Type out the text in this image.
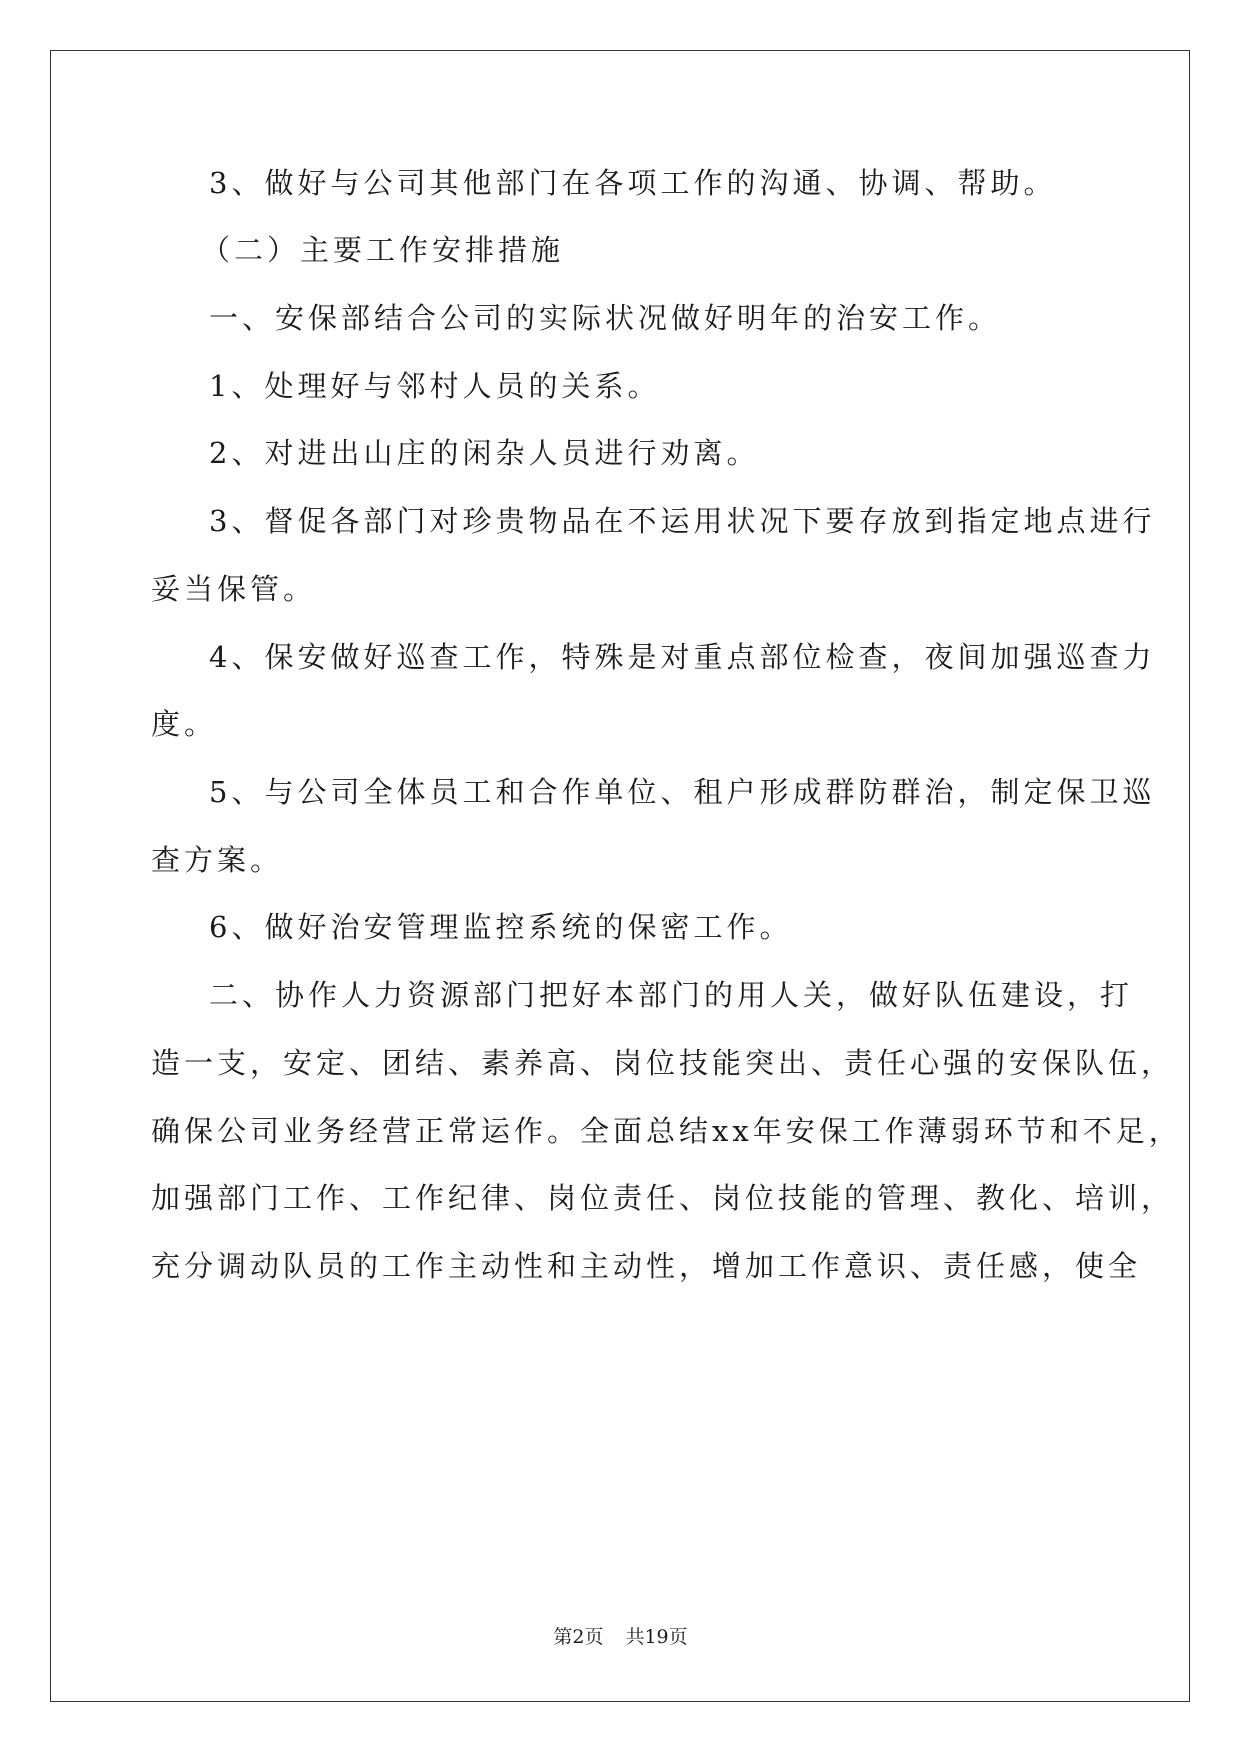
3、做好与公司其他部门在各项工作的沟通、协调、帮助。
（二）主要工作安排措施
一、安保部结合公司的实际状况做好明年的治安工作。
1、处理好与邻村人员的关系。
2、对进出山庄的闲杂人员进行劝离。
3、督促各部门对珍贵物品在不运用状况下要存放到指定地点进行
妥当保管。
4、保安做好巡查工作，特殊是对重点部位检查，夜间加强巡查力
度。
5、与公司全体员工和合作单位、租户形成群防群治，制定保卫巡
查方案。
6、做好治安管理监控系统的保密工作。
二、协作人力资源部门把好本部门的用人关，做好队伍建设，打
造一支，安定、团结、素养高、岗位技能突出、责任心强的安保队伍，
确保公司业务经营正常运作。全面总结xx年安保工作薄弱环节和不足，
加强部门工作、工作纪律、岗位责任、岗位技能的管理、教化、培训，
充分调动队员的工作主动性和主动性，增加工作意识、责任感，使全
第2页 共19页
